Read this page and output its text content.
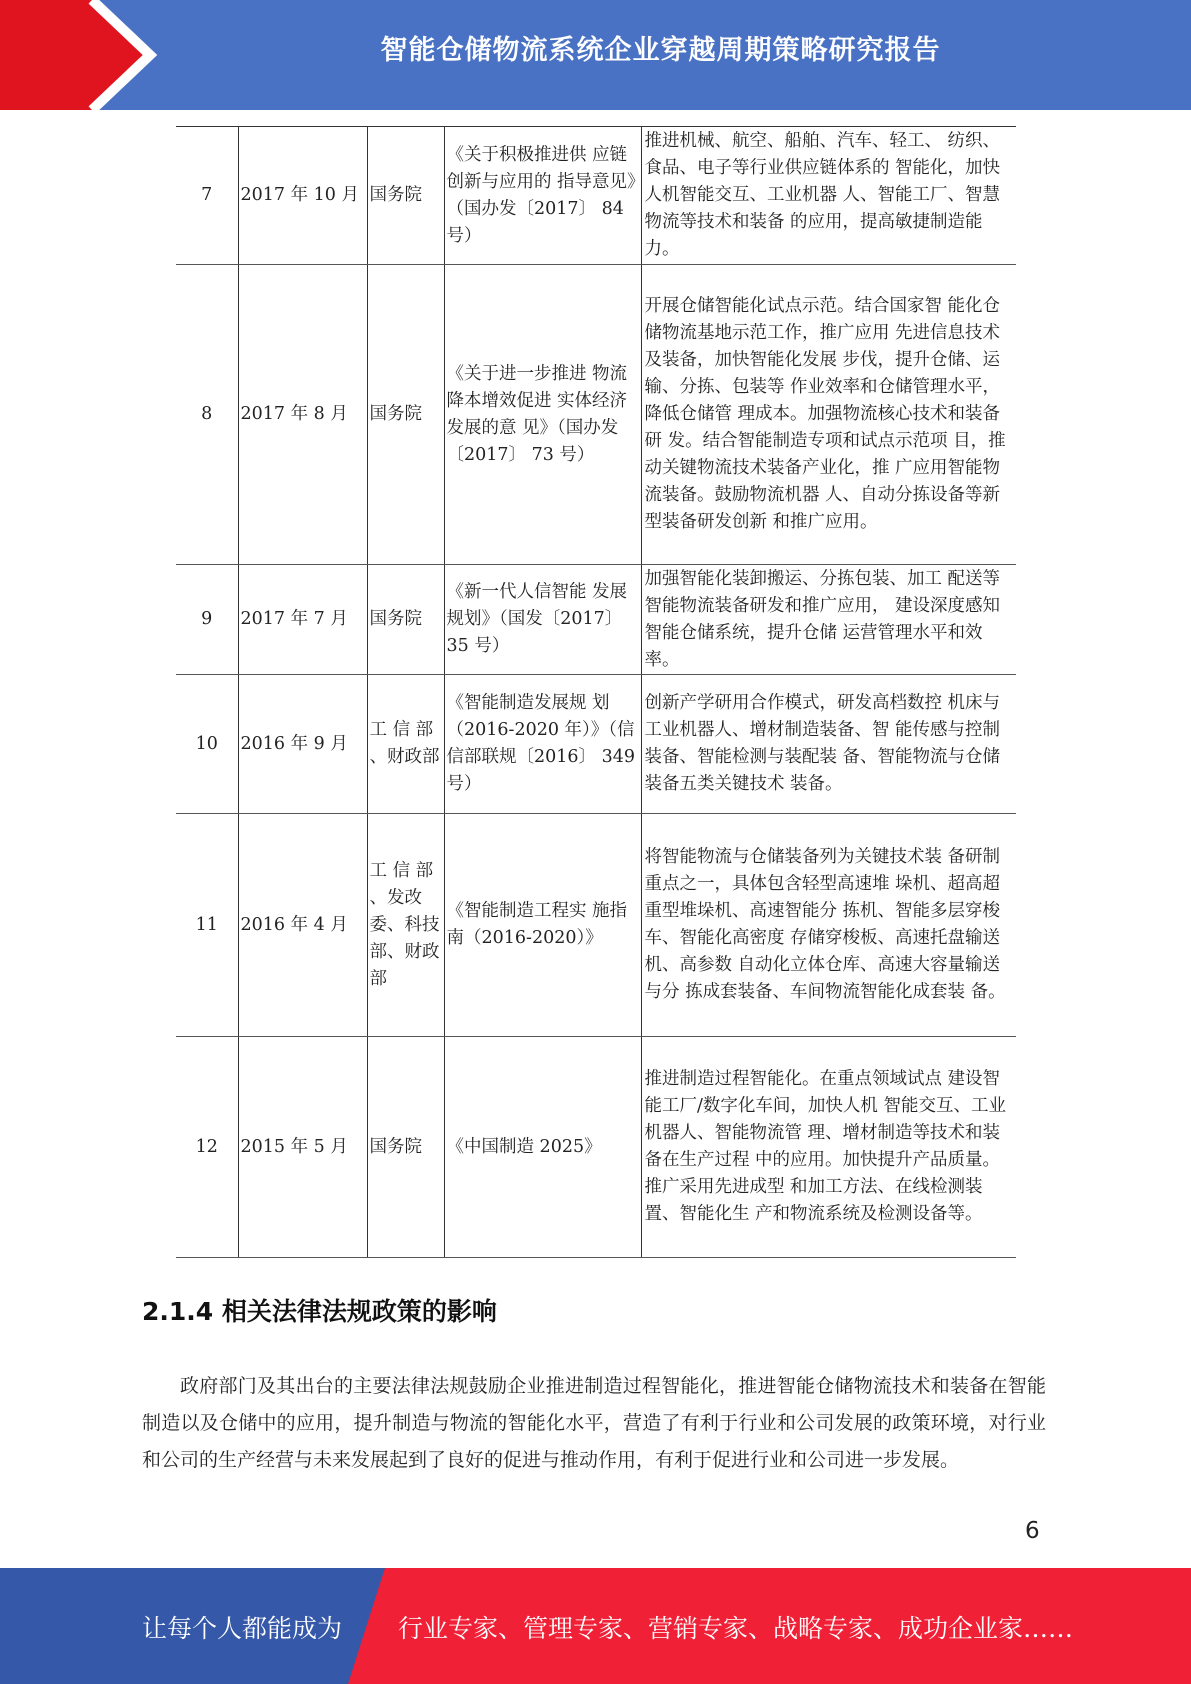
智能仓储物流系统企业穿越周期策略研究报告
7	2017 年 10 月	国务院	《关于积极推进供 应链创新与应用的 指导意见》（国办发〔2017〕 84 号）	推进机械、航空、船舶、汽车、轻工、 纺织、食品、电子等行业供应链体系的 智能化，加快人机智能交互、工业机器 人、智能工厂、智慧物流等技术和装备 的应用，提高敏捷制造能力。
8	2017 年 8 月	国务院	《关于进一步推进 物流降本增效促进 实体经济发展的意 见》（国办发〔2017〕 73 号）	开展仓储智能化试点示范。结合国家智 能化仓储物流基地示范工作，推广应用 先进信息技术及装备，加快智能化发展 步伐，提升仓储、运输、分拣、包装等 作业效率和仓储管理水平，降低仓储管 理成本。加强物流核心技术和装备研 发。结合智能制造专项和试点示范项 目，推动关键物流技术装备产业化，推 广应用智能物流装备。鼓励物流机器 人、自动分拣设备等新型装备研发创新 和推广应用。
9	2017 年 7 月	国务院	《新一代人信智能 发展规划》（国发〔2017〕 35 号）	加强智能化装卸搬运、分拣包装、加工 配送等智能物流装备研发和推广应用， 建设深度感知智能仓储系统，提升仓储 运营管理水平和效率。
10	2016 年 9 月	工 信 部 、财政部	《智能制造发展规 划（2016-2020 年）》（信信部联规〔2016〕 349 号）	创新产学研用合作模式，研发高档数控 机床与工业机器人、增材制造装备、智 能传感与控制装备、智能检测与装配装 备、智能物流与仓储装备五类关键技术 装备。
11	2016 年 4 月	工 信 部 、发改委、科技部、财政部	《智能制造工程实 施指南（2016-2020）》	将智能物流与仓储装备列为关键技术装 备研制重点之一，具体包含轻型高速堆 垛机、超高超重型堆垛机、高速智能分 拣机、智能多层穿梭车、智能化高密度 存储穿梭板、高速托盘输送机、高参数 自动化立体仓库、高速大容量输送与分 拣成套装备、车间物流智能化成套装 备。
12	2015 年 5 月	国务院	《中国制造 2025》	推进制造过程智能化。在重点领域试点 建设智能工厂/数字化车间，加快人机 智能交互、工业机器人、智能物流管 理、增材制造等技术和装备在生产过程 中的应用。加快提升产品质量。推广采用先进成型 和加工方法、在线检测装置、智能化生 产和物流系统及检测设备等。
2.1.4 相关法律法规政策的影响

政府部门及其出台的主要法律法规鼓励企业推进制造过程智能化，推进智能仓储物流技术和装备在智能制造以及仓储中的应用，提升制造与物流的智能化水平，营造了有利于行业和公司发展的政策环境，对行业和公司的生产经营与未来发展起到了良好的促进与推动作用，有利于促进行业和公司进一步发展。

6
让每个人都能成为 行业专家、管理专家、营销专家、战略专家、成功企业家……
